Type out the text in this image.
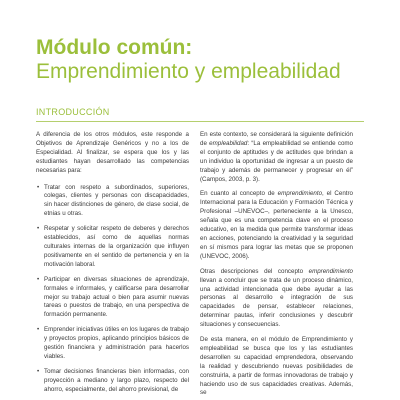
Módulo común:
Emprendimiento y empleabilidad
INTRODUCCIÓN

A diferencia de los otros módulos, este responde a Objetivos de Aprendizaje Genéricos y no a los de Especialidad. Al finalizar, se espera que los y las estudiantes hayan desarrollado las competencias necesarias para:

• Tratar con respeto a subordinados, superiores, colegas, clientes y personas con discapacidades, sin hacer distinciones de género, de clase social, de etnias u otras.
• Respetar y solicitar respeto de deberes y derechos establecidos, así como de aquellas normas culturales internas de la organización que influyen positivamente en el sentido de pertenencia y en la motivación laboral.
• Participar en diversas situaciones de aprendizaje, formales e informales, y calificarse para desarrollar mejor su trabajo actual o bien para asumir nuevas tareas o puestos de trabajo, en una perspectiva de formación permanente.
• Emprender iniciativas útiles en los lugares de trabajo y proyectos propios, aplicando principios básicos de gestión financiera y administración para hacerlos viables.
• Tomar decisiones financieras bien informadas, con proyección a mediano y largo plazo, respecto del ahorro, especialmente, del ahorro previsional, de

En este contexto, se considerará la siguiente definición de empleabilidad: “La empleabilidad se entiende como el conjunto de aptitudes y de actitudes que brindan a un individuo la oportunidad de ingresar a un puesto de trabajo y además de permanecer y progresar en él” (Campos, 2003, p. 3).

En cuanto al concepto de emprendimiento, el Centro Internacional para la Educación y Formación Técnica y Profesional –UNEVOC–, perteneciente a la Unesco, señala que es una competencia clave en el proceso educativo, en la medida que permite transformar ideas en acciones, potenciando la creatividad y la seguridad en sí mismos para lograr las metas que se proponen (UNEVOC, 2006).

Otras descripciones del concepto emprendimiento llevan a concluir que se trata de un proceso dinámico, una actividad intencionada que debe ayudar a las personas al desarrollo e integración de sus capacidades de pensar, establecer relaciones, determinar pautas, inferir conclusiones y descubrir situaciones y consecuencias.

De esta manera, en el módulo de Emprendimiento y empleabilidad se busca que los y las estudiantes desarrollen su capacidad emprendedora, observando la realidad y descubriendo nuevas posibilidades de construirla, a partir de formas innovadoras de trabajo y haciendo uso de sus capacidades creativas. Además, se
